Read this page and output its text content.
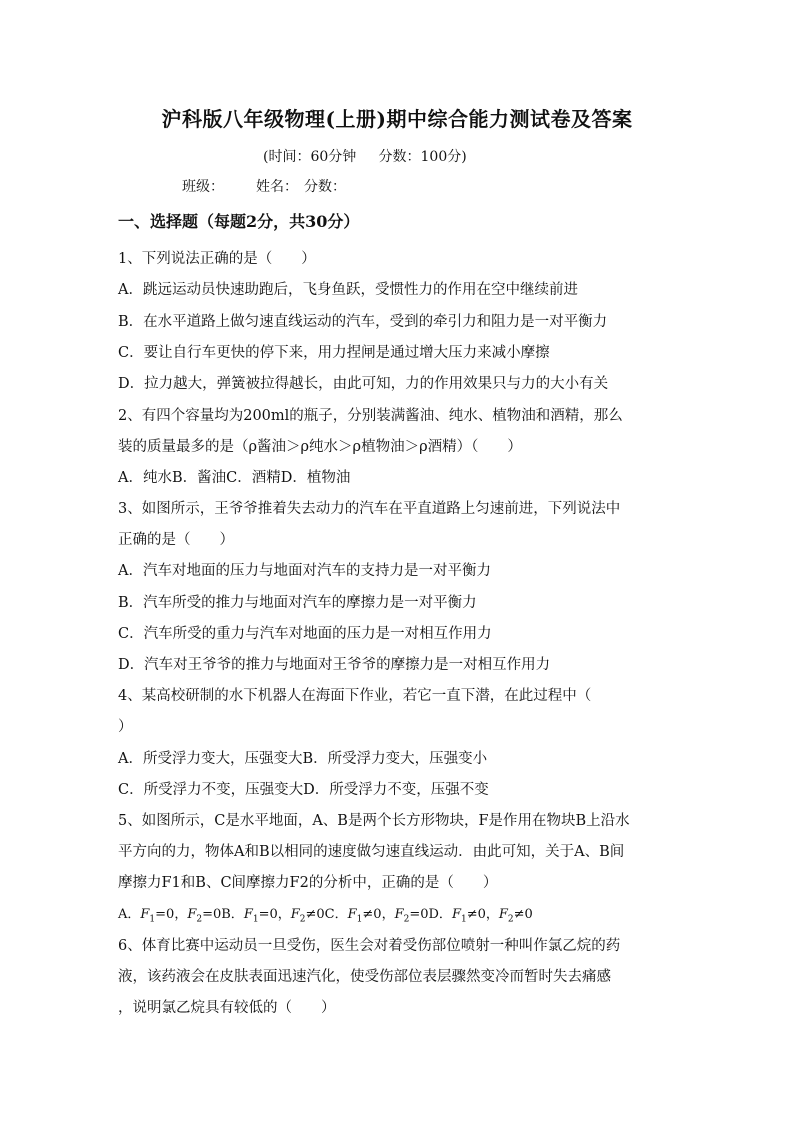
沪科版八年级物理(上册)期中综合能力测试卷及答案
(时间：60分钟     分数：100分)
班级： 姓名： 分数：
一、选择题（每题2分，共30分）
1、下列说法正确的是（　　）
A．跳远运动员快速助跑后，飞身鱼跃，受惯性力的作用在空中继续前进
B．在水平道路上做匀速直线运动的汽车，受到的牵引力和阻力是一对平衡力
C．要让自行车更快的停下来，用力捏闸是通过增大压力来减小摩擦
D．拉力越大，弹簧被拉得越长，由此可知，力的作用效果只与力的大小有关
2、有四个容量均为200ml的瓶子，分别装满酱油、纯水、植物油和酒精，那么
装的质量最多的是（ρ酱油＞ρ纯水＞ρ植物油＞ρ酒精）（　　）
A．纯水B．酱油C．酒精D．植物油
3、如图所示，王爷爷推着失去动力的汽车在平直道路上匀速前进，下列说法中
正确的是（　　）
A．汽车对地面的压力与地面对汽车的支持力是一对平衡力
B．汽车所受的推力与地面对汽车的摩擦力是一对平衡力
C．汽车所受的重力与汽车对地面的压力是一对相互作用力
D．汽车对王爷爷的推力与地面对王爷爷的摩擦力是一对相互作用力
4、某高校研制的水下机器人在海面下作业，若它一直下潜，在此过程中（
）
A．所受浮力变大，压强变大B．所受浮力变大，压强变小
C．所受浮力不变，压强变大D．所受浮力不变，压强不变
5、如图所示，C是水平地面，A、B是两个长方形物块，F是作用在物块B上沿水
平方向的力，物体A和B以相同的速度做匀速直线运动．由此可知，关于A、B间
摩擦力F1和B、C间摩擦力F2的分析中，正确的是（　　）
A．$F_1=0$，$F_2=0B$．$F_1=0$，$F_2\ne 0C$．$F_1\ne 0$，$F_2=0D$．$F_1\ne 0$，$F_2\ne 0$
6、体育比赛中运动员一旦受伤，医生会对着受伤部位喷射一种叫作氯乙烷的药
液，该药液会在皮肤表面迅速汽化，使受伤部位表层骤然变冷而暂时失去痛感
，说明氯乙烷具有较低的（　　）
